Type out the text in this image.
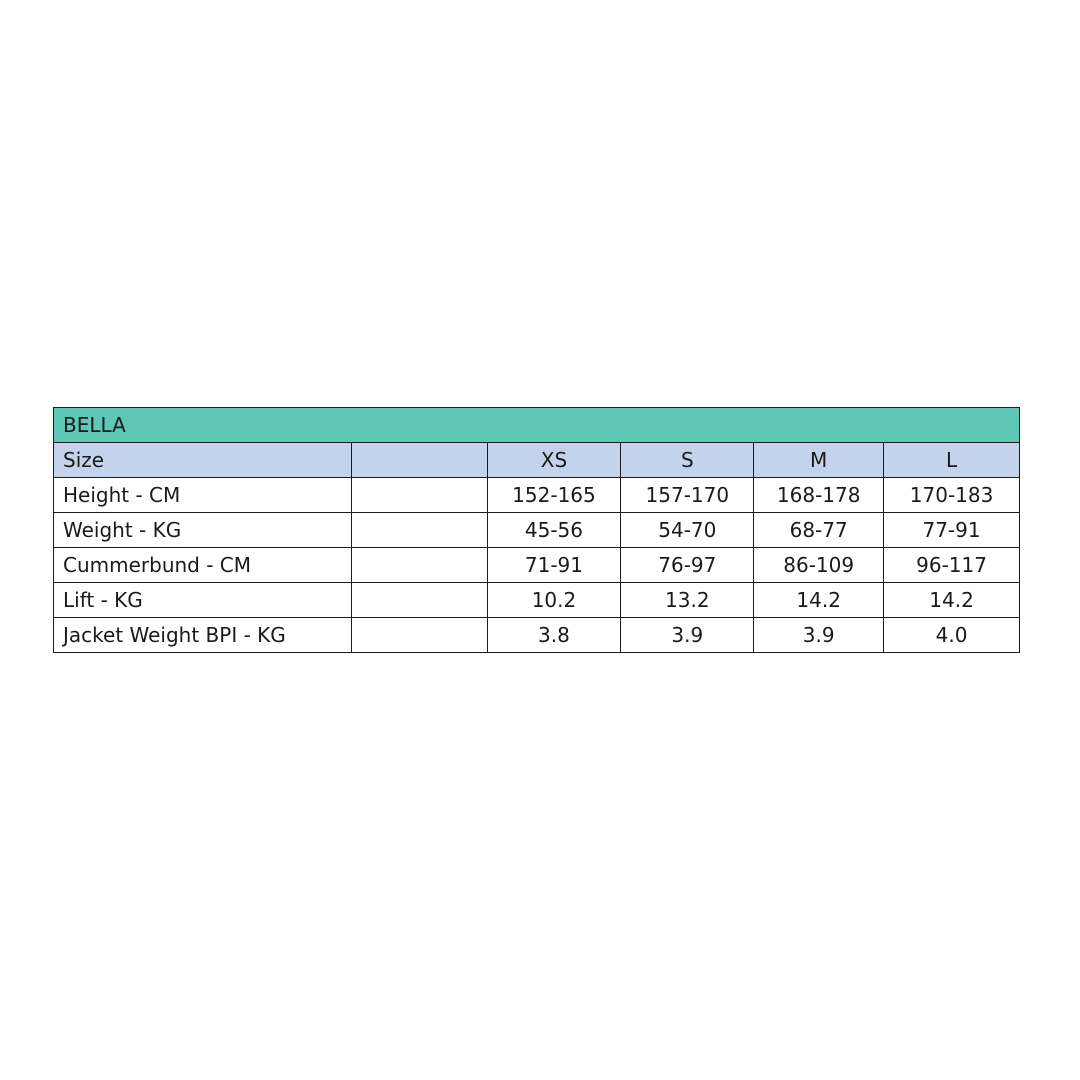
BELLA					
Size		XS	S	M	L
Height - CM		152-165	157-170	168-178	170-183
Weight - KG		45-56	54-70	68-77	77-91
Cummerbund - CM		71-91	76-97	86-109	96-117
Lift - KG		10.2	13.2	14.2	14.2
Jacket Weight BPI - KG		3.8	3.9	3.9	4.0
